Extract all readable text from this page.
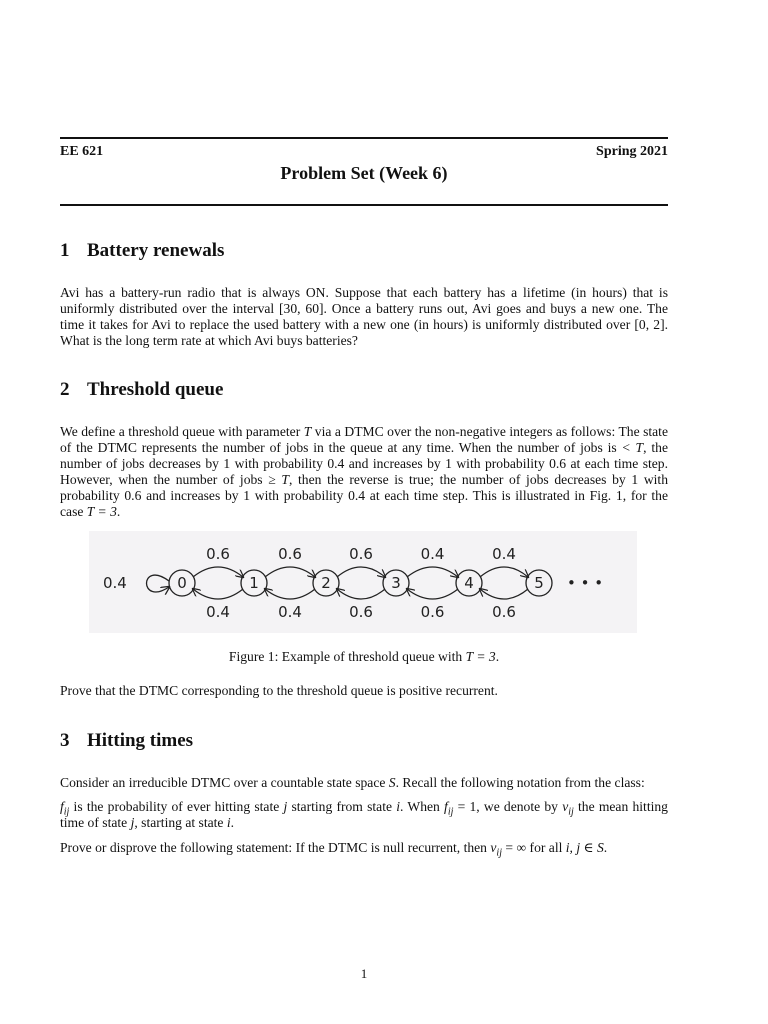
EE 621	Spring 2021
Problem Set (Week 6)
1 Battery renewals

Avi has a battery-run radio that is always ON. Suppose that each battery has a lifetime (in hours) that is uniformly distributed over the interval [30, 60]. Once a battery runs out, Avi goes and buys a new one. The time it takes for Avi to replace the used battery with a new one (in hours) is uniformly distributed over [0, 2]. What is the long term rate at which Avi buys batteries?

2 Threshold queue

We define a threshold queue with parameter T via a DTMC over the non-negative integers as follows: The state of the DTMC represents the number of jobs in the queue at any time. When the number of jobs is < T, the number of jobs decreases by 1 with probability 0.4 and increases by 1 with probability 0.6 at each time step. However, when the number of jobs ≥ T, then the reverse is true; the number of jobs decreases by 1 with probability 0.6 and increases by 1 with probability 0.4 at each time step. This is illustrated in Fig. 1, for the case T = 3.

0.4	0	1	2	3	4	5
0.6
0.4
0.6
0.4
0.6
0.6
0.4
0.6
0.4
0.6
• • •
Figure 1: Example of threshold queue with T = 3.

Prove that the DTMC corresponding to the threshold queue is positive recurrent.

3 Hitting times

Consider an irreducible DTMC over a countable state space S. Recall the following notation from the class:

$f_{ij}$ is the probability of ever hitting state j starting from state i. When $f_{ij} = 1$, we denote by $\nu_{ij}$ the mean hitting time of state j, starting at state i.

Prove or disprove the following statement: If the DTMC is null recurrent, then $\nu_{ij}$ = ∞ for all i, j ∈ S.

1
